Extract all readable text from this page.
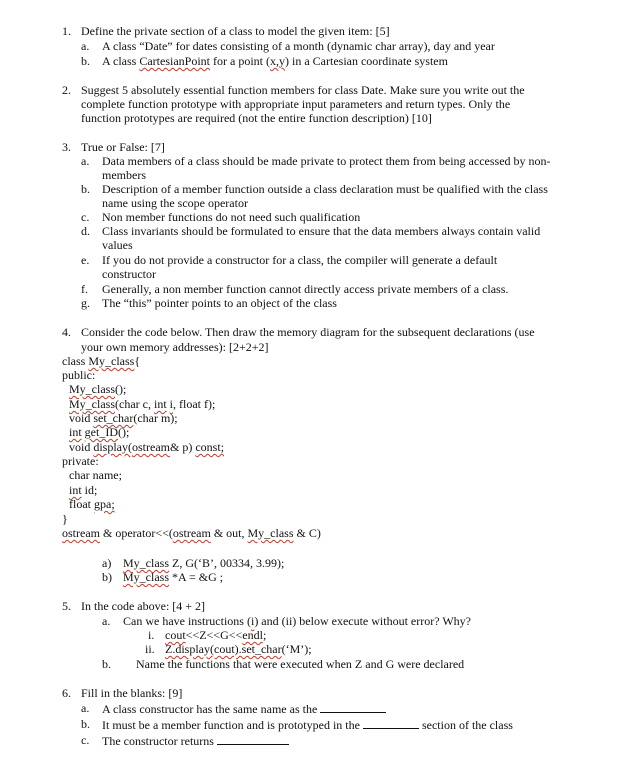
1. Define the private section of a class to model the given item: [5]
a. A class “Date” for dates consisting of a month (dynamic char array), day and year
b. A class CartesianPoint for a point (x,y) in a Cartesian coordinate system
2. Suggest 5 absolutely essential function members for class Date. Make sure you write out the
complete function prototype with appropriate input parameters and return types. Only the
function prototypes are required (not the entire function description) [10]
3. True or False: [7]
a. Data members of a class should be made private to protect them from being accessed by non-
members
b. Description of a member function outside a class declaration must be qualified with the class
name using the scope operator
c. Non member functions do not need such qualification
d. Class invariants should be formulated to ensure that the data members always contain valid
values
e. If you do not provide a constructor for a class, the compiler will generate a default
constructor
f. Generally, a non member function cannot directly access private members of a class.
g. The “this” pointer points to an object of the class
4. Consider the code below. Then draw the memory diagram for the subsequent declarations (use
your own memory addresses): [2+2+2]
class My_class{
public:
My_class();
My_class(char c, int i, float f);
void set_char(char m);
int get_ID();
void display(ostream& p) const;
private:
char name;
int id;
float gpa;
}
ostream & operator<<(ostream & out, My_class & C)
a) My_class Z, G(‘B’, 00334, 3.99);
b) My_class *A = &G ;
5. In the code above: [4 + 2]
a. Can we have instructions (i) and (ii) below execute without error? Why?
i. cout<<Z<<G<<endl;
ii. Z.display(cout).set_char(‘M’);
b. Name the functions that were executed when Z and G were declared
6. Fill in the blanks: [9]
a. A class constructor has the same name as the
b. It must be a member function and is prototyped in the	section of the class
c. The constructor returns
